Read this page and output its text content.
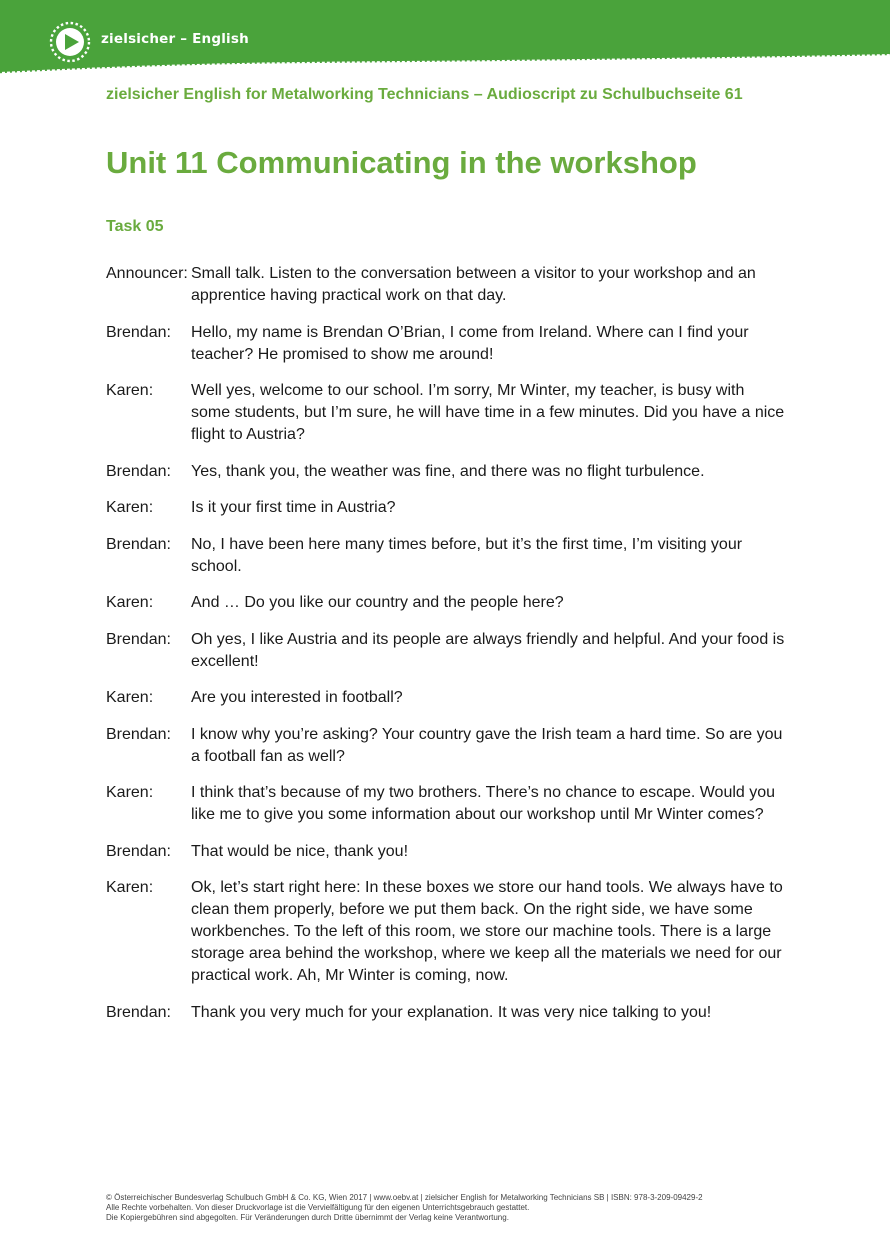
zielsicher – English
zielsicher English for Metalworking Technicians – Audioscript zu Schulbuchseite 61
Unit 11 Communicating in the workshop
Task 05
Announcer: Small talk. Listen to the conversation between a visitor to your workshop and an apprentice having practical work on that day.
Brendan:	Hello, my name is Brendan O’Brian, I come from Ireland. Where can I find your teacher? He promised to show me around!
Karen:	Well yes, welcome to our school. I’m sorry, Mr Winter, my teacher, is busy with some students, but I’m sure, he will have time in a few minutes. Did you have a nice flight to Austria?
Brendan:	Yes, thank you, the weather was fine, and there was no flight turbulence.
Karen:	Is it your first time in Austria?
Brendan:	No, I have been here many times before, but it’s the first time, I’m visiting your school.
Karen:	And … Do you like our country and the people here?
Brendan:	Oh yes, I like Austria and its people are always friendly and helpful. And your food is excellent!
Karen:	Are you interested in football?
Brendan:	I know why you’re asking? Your country gave the Irish team a hard time. So are you a football fan as well?
Karen:	I think that’s because of my two brothers. There’s no chance to escape. Would you like me to give you some information about our workshop until Mr Winter comes?
Brendan:	That would be nice, thank you!
Karen:	Ok, let’s start right here: In these boxes we store our hand tools. We always have to clean them properly, before we put them back. On the right side, we have some workbenches. To the left of this room, we store our machine tools. There is a large storage area behind the workshop, where we keep all the materials we need for our practical work. Ah, Mr Winter is coming, now.
Brendan:	Thank you very much for your explanation. It was very nice talking to you!
© Österreichischer Bundesverlag Schulbuch GmbH & Co. KG, Wien 2017 | www.oebv.at | zielsicher English for Metalworking Technicians SB | ISBN: 978-3-209-09429-2
Alle Rechte vorbehalten. Von dieser Druckvorlage ist die Vervielfältigung für den eigenen Unterrichtsgebrauch gestattet.
Die Kopiergebühren sind abgegolten. Für Veränderungen durch Dritte übernimmt der Verlag keine Verantwortung.
